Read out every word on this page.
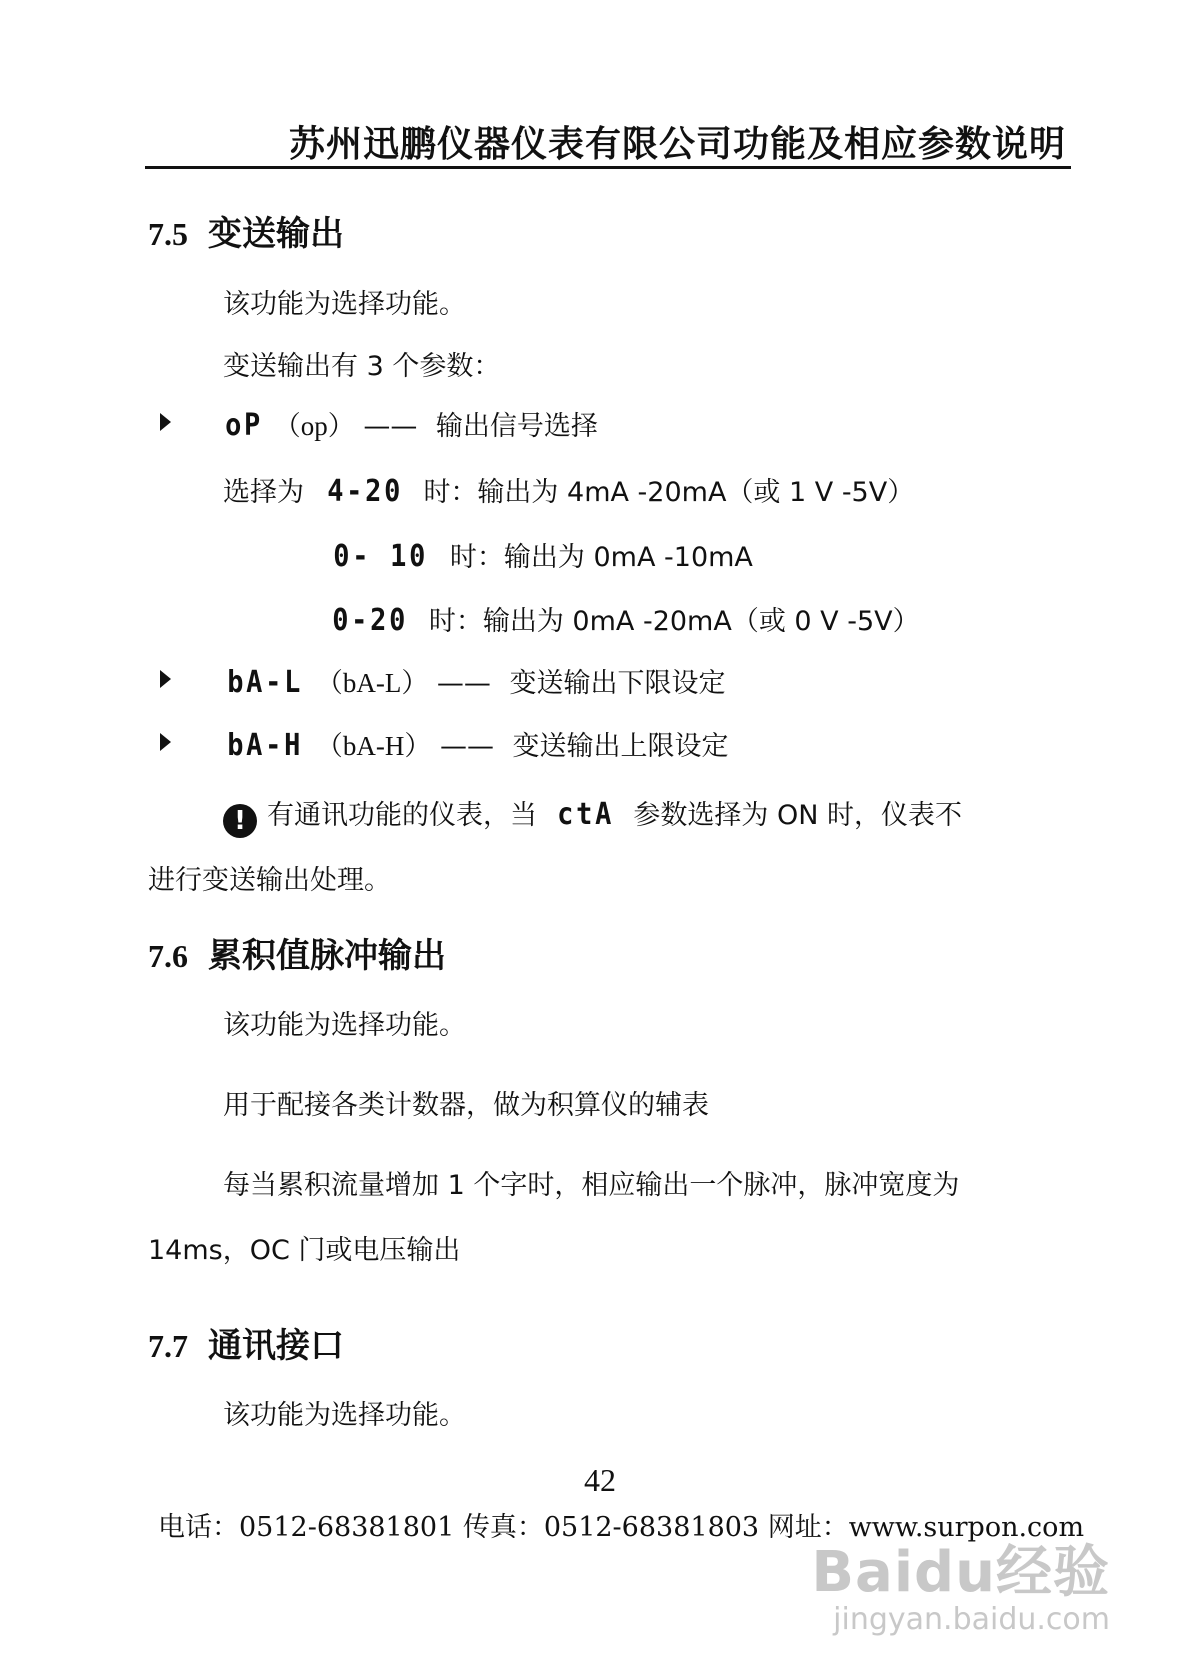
苏州迅鹏仪器仪表有限公司功能及相应参数说明
7.5 变送输出
该功能为选择功能。
变送输出有 3 个参数：
oP （op） —— 输出信号选择
选择为 4-20 时：输出为 4mA -20mA（或 1 V -5V）
0- 10 时：输出为 0mA -10mA
0-20 时：输出为 0mA -20mA（或 0 V -5V）
bA-L （bA-L） —— 变送输出下限设定
bA-H （bA-H） —— 变送输出上限设定
! 有通讯功能的仪表，当 ctA 参数选择为 ON 时，仪表不
进行变送输出处理。
7.6 累积值脉冲输出
该功能为选择功能。
用于配接各类计数器，做为积算仪的辅表
每当累积流量增加 1 个字时，相应输出一个脉冲，脉冲宽度为
14ms，OC 门或电压输出
7.7 通讯接口
该功能为选择功能。
42
电话：0512-68381801 传真：0512-68381803 网址：www.surpon.com
Baidu经验
jingyan.baidu.com
